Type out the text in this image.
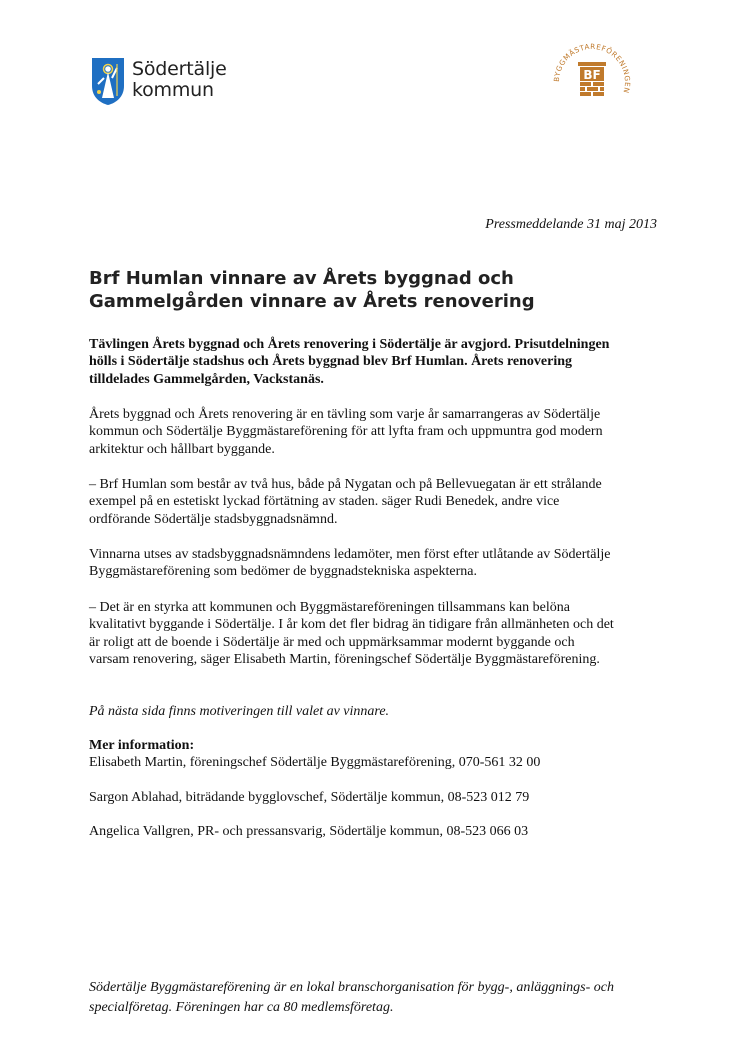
Södertälje
kommun	BYGGMÄSTAREFÖRENINGEN
BF
Pressmeddelande 31 maj 2013
Brf Humlan vinnare av Årets byggnad och
Gammelgården vinnare av Årets renovering
Tävlingen Årets byggnad och Årets renovering i Södertälje är avgjord. Prisutdelningen
hölls i Södertälje stadshus och Årets byggnad blev Brf Humlan. Årets renovering
tilldelades Gammelgården, Vackstanäs.
Årets byggnad och Årets renovering är en tävling som varje år samarrangeras av Södertälje
kommun och Södertälje Byggmästareförening för att lyfta fram och uppmuntra god modern
arkitektur och hållbart byggande.
– Brf Humlan som består av två hus, både på Nygatan och på Bellevuegatan är ett strålande
exempel på en estetiskt lyckad förtätning av staden. säger Rudi Benedek, andre vice
ordförande Södertälje stadsbyggnadsnämnd.
Vinnarna utses av stadsbyggnadsnämndens ledamöter, men först efter utlåtande av Södertälje
Byggmästareförening som bedömer de byggnadstekniska aspekterna.
– Det är en styrka att kommunen och Byggmästareföreningen tillsammans kan belöna
kvalitativt byggande i Södertälje. I år kom det fler bidrag än tidigare från allmänheten och det
är roligt att de boende i Södertälje är med och uppmärksammar modernt byggande och
varsam renovering, säger Elisabeth Martin, föreningschef Södertälje Byggmästareförening.
På nästa sida finns motiveringen till valet av vinnare.
Mer information:
Elisabeth Martin, föreningschef Södertälje Byggmästareförening, 070-561 32 00
Sargon Ablahad, biträdande bygglovschef, Södertälje kommun, 08-523 012 79
Angelica Vallgren, PR- och pressansvarig, Södertälje kommun, 08-523 066 03
Södertälje Byggmästareförening är en lokal branschorganisation för bygg-, anläggnings- och
specialföretag. Föreningen har ca 80 medlemsföretag.
